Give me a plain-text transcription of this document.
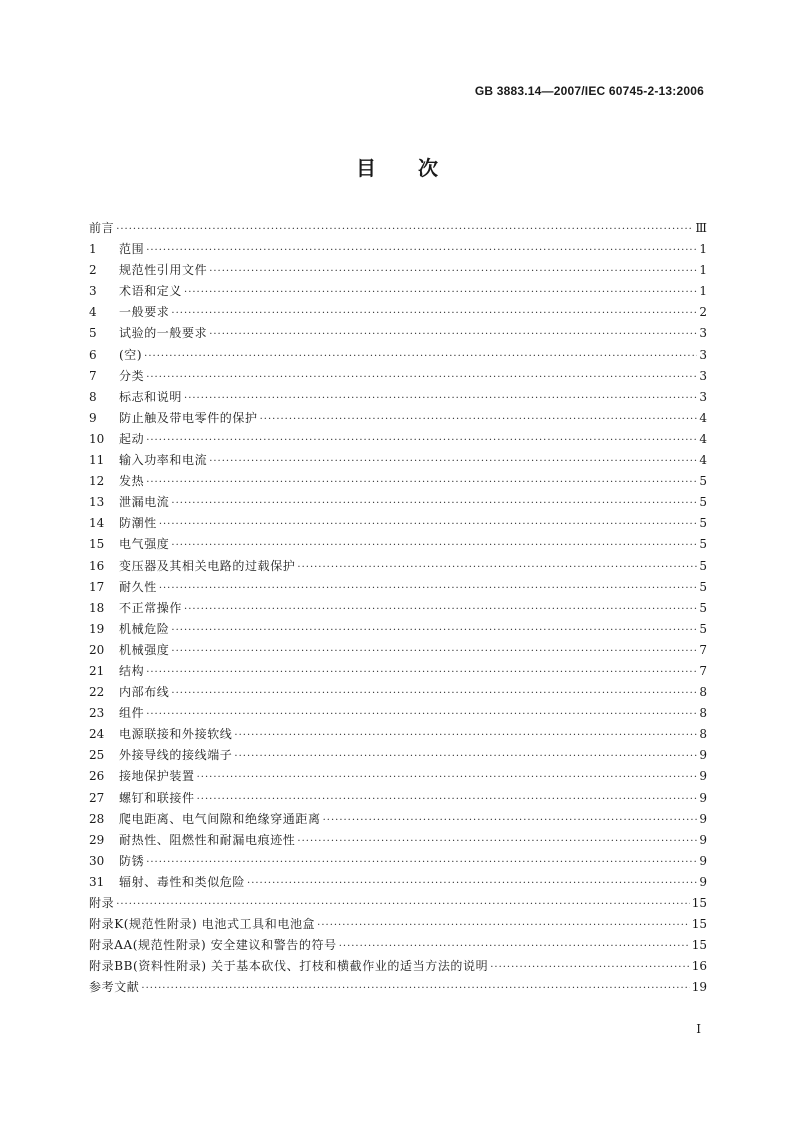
GB 3883.14—2007/IEC 60745-2-13:2006
目次
前言 ·····	Ⅲ
1	范围 ·····	1
2	规范性引用文件 ·····	1
3	术语和定义 ·····	1
4	一般要求 ·····	2
5	试验的一般要求 ·····	3
6	(空) ·····	3
7	分类 ·····	3
8	标志和说明 ·····	3
9	防止触及带电零件的保护 ·····	4
10	起动 ·····	4
11	输入功率和电流 ·····	4
12	发热 ·····	5
13	泄漏电流 ·····	5
14	防潮性 ·····	5
15	电气强度 ·····	5
16	变压器及其相关电路的过载保护 ·····	5
17	耐久性 ·····	5
18	不正常操作 ·····	5
19	机械危险 ·····	5
20	机械强度 ·····	7
21	结构 ·····	7
22	内部布线 ·····	8
23	组件 ·····	8
24	电源联接和外接软线 ·····	8
25	外接导线的接线端子 ·····	9
26	接地保护装置 ·····	9
27	螺钉和联接件 ·····	9
28	爬电距离、电气间隙和绝缘穿通距离 ·····	9
29	耐热性、阻燃性和耐漏电痕迹性 ·····	9
30	防锈 ·····	9
31	辐射、毒性和类似危险 ·····	9
附录 ·····	15
附录K(规范性附录) 电池式工具和电池盒 ·····	15
附录AA(规范性附录) 安全建议和警告的符号 ·····	15
附录BB(资料性附录) 关于基本砍伐、打枝和横截作业的适当方法的说明 ·····	16
参考文献 ·····	19
I
